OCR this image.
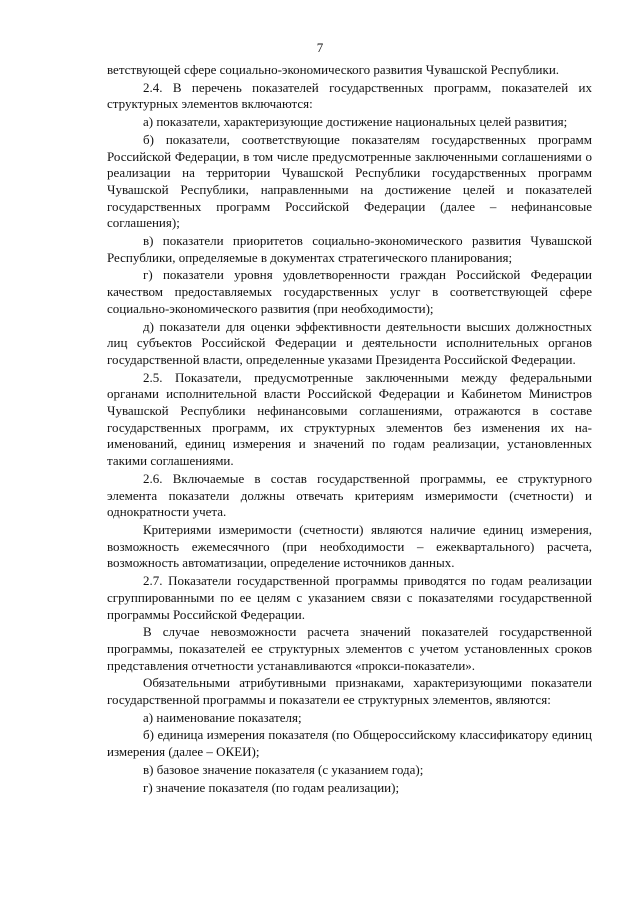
7

ветствующей сфере социально-экономического развития Чувашской Республики.

2.4. В перечень показателей государственных программ, показателей их структурных элементов включаются:

а) показатели, характеризующие достижение национальных целей развития;

б) показатели, соответствующие показателям государственных программ Российской Федерации, в том числе предусмотренные заключенными соглашениями о реализации на территории Чувашской Республики государственных программ Чувашской Республики, направленными на достижение целей и показателей государственных программ Российской Федерации (далее – нефинансовые соглашения);

в) показатели приоритетов социально-экономического развития Чувашской Республики, определяемые в документах стратегического планирования;

г) показатели уровня удовлетворенности граждан Российской Федерации качеством предоставляемых государственных услуг в соответствующей сфере социально-экономического развития (при необходимости);

д) показатели для оценки эффективности деятельности высших должностных лиц субъектов Российской Федерации и деятельности исполнительных органов государственной власти, определенные указами Президента Российской Федерации.

2.5. Показатели, предусмотренные заключенными между федеральными органами исполнительной власти Российской Федерации и Кабинетом Министров Чувашской Республики нефинансовыми соглашениями, отражаются в составе государственных программ, их структурных элементов без изменения их наименований, единиц измерения и значений по годам реализации, установленных такими соглашениями.

2.6. Включаемые в состав государственной программы, ее структурного элемента показатели должны отвечать критериям измеримости (счетности) и однократности учета.

Критериями измеримости (счетности) являются наличие единиц измерения, возможность ежемесячного (при необходимости – ежеквартального) расчета, возможность автоматизации, определение источников данных.

2.7. Показатели государственной программы приводятся по годам реализации сгруппированными по ее целям с указанием связи с показателями государственной программы Российской Федерации.

В случае невозможности расчета значений показателей государственной программы, показателей ее структурных элементов с учетом установленных сроков представления отчетности устанавливаются «прокси-показатели».

Обязательными атрибутивными признаками, характеризующими показатели государственной программы и показатели ее структурных элементов, являются:

а) наименование показателя;

б) единица измерения показателя (по Общероссийскому классификатору единиц измерения (далее – ОКЕИ);

в) базовое значение показателя (с указанием года);

г) значение показателя (по годам реализации);
